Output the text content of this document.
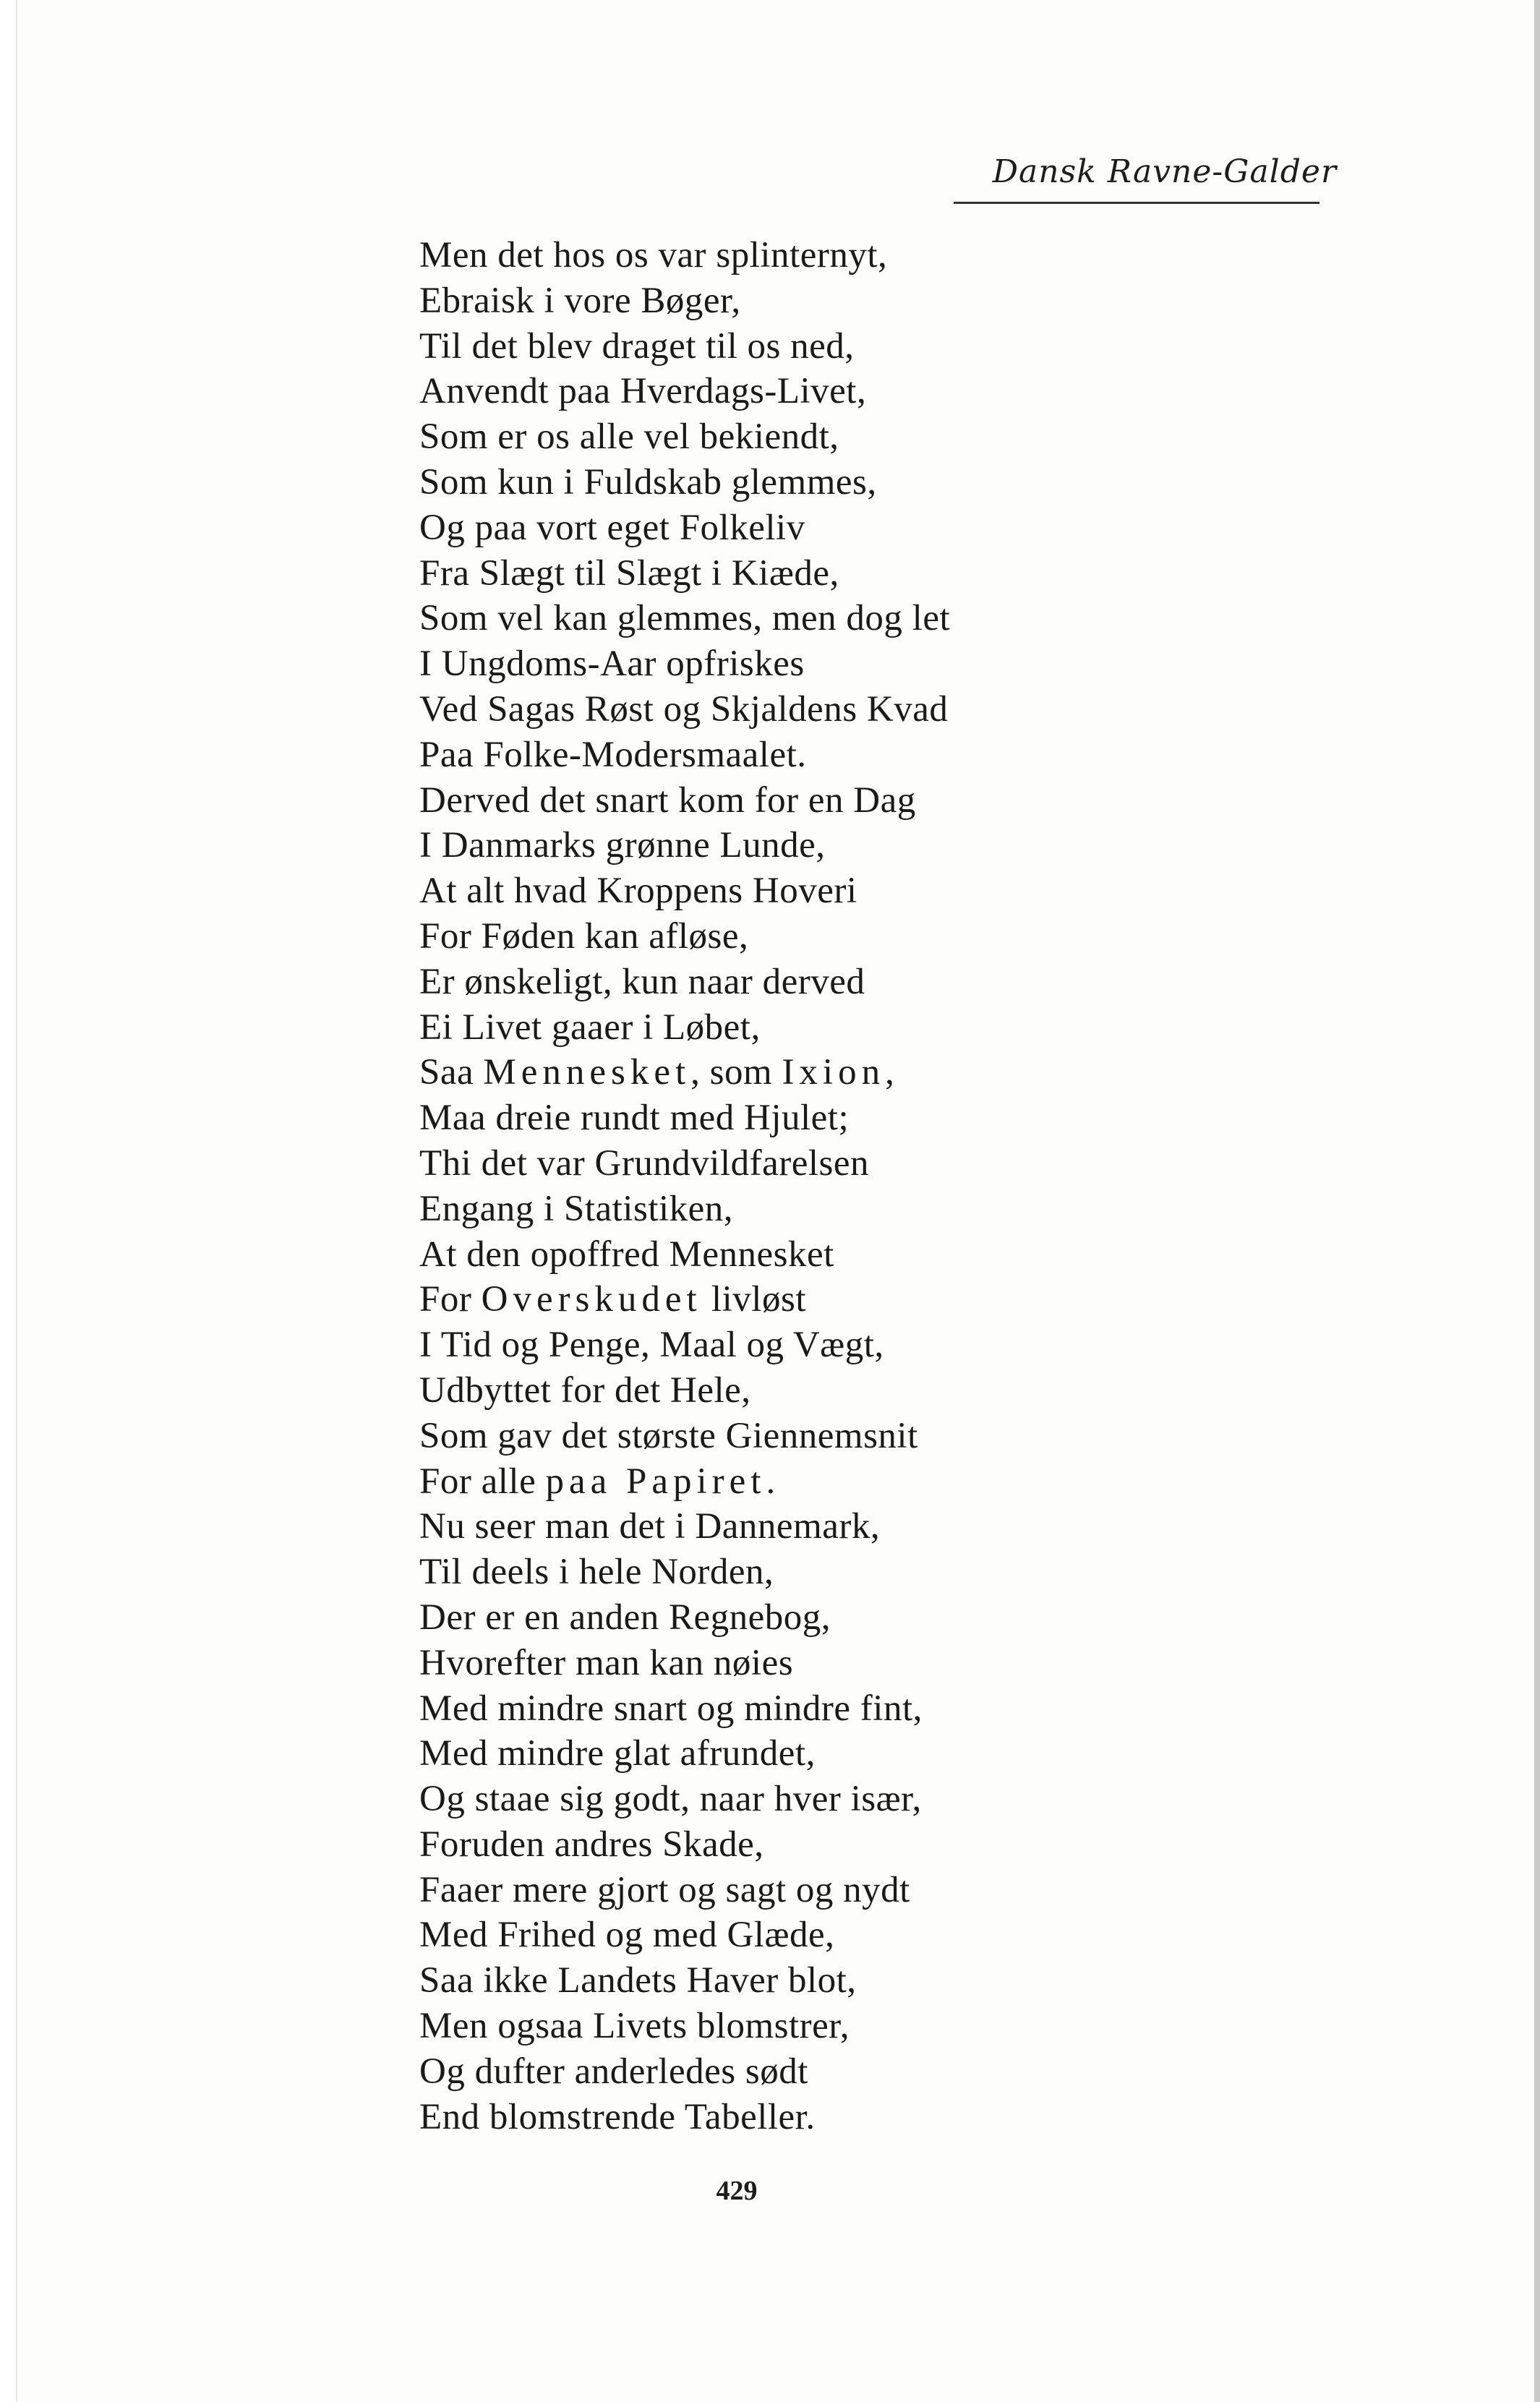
Dansk Ravne-Galder
Men det hos os var splinternyt,
Ebraisk i vore Bøger,
Til det blev draget til os ned,
Anvendt paa Hverdags-Livet,
Som er os alle vel bekiendt,
Som kun i Fuldskab glemmes,
Og paa vort eget Folkeliv
Fra Slægt til Slægt i Kiæde,
Som vel kan glemmes, men dog let
I Ungdoms-Aar opfriskes
Ved Sagas Røst og Skjaldens Kvad
Paa Folke-Modersmaalet.
Derved det snart kom for en Dag
I Danmarks grønne Lunde,
At alt hvad Kroppens Hoveri
For Føden kan afløse,
Er ønskeligt, kun naar derved
Ei Livet gaaer i Løbet,
Saa Mennesket, som Ixion,
Maa dreie rundt med Hjulet;
Thi det var Grundvildfarelsen
Engang i Statistiken,
At den opoffred Mennesket
For Overskudet livløst
I Tid og Penge, Maal og Vægt,
Udbyttet for det Hele,
Som gav det største Giennemsnit
For alle paa Papiret.
Nu seer man det i Dannemark,
Til deels i hele Norden,
Der er en anden Regnebog,
Hvorefter man kan nøies
Med mindre snart og mindre fint,
Med mindre glat afrundet,
Og staae sig godt, naar hver især,
Foruden andres Skade,
Faaer mere gjort og sagt og nydt
Med Frihed og med Glæde,
Saa ikke Landets Haver blot,
Men ogsaa Livets blomstrer,
Og dufter anderledes sødt
End blomstrende Tabeller.
429
